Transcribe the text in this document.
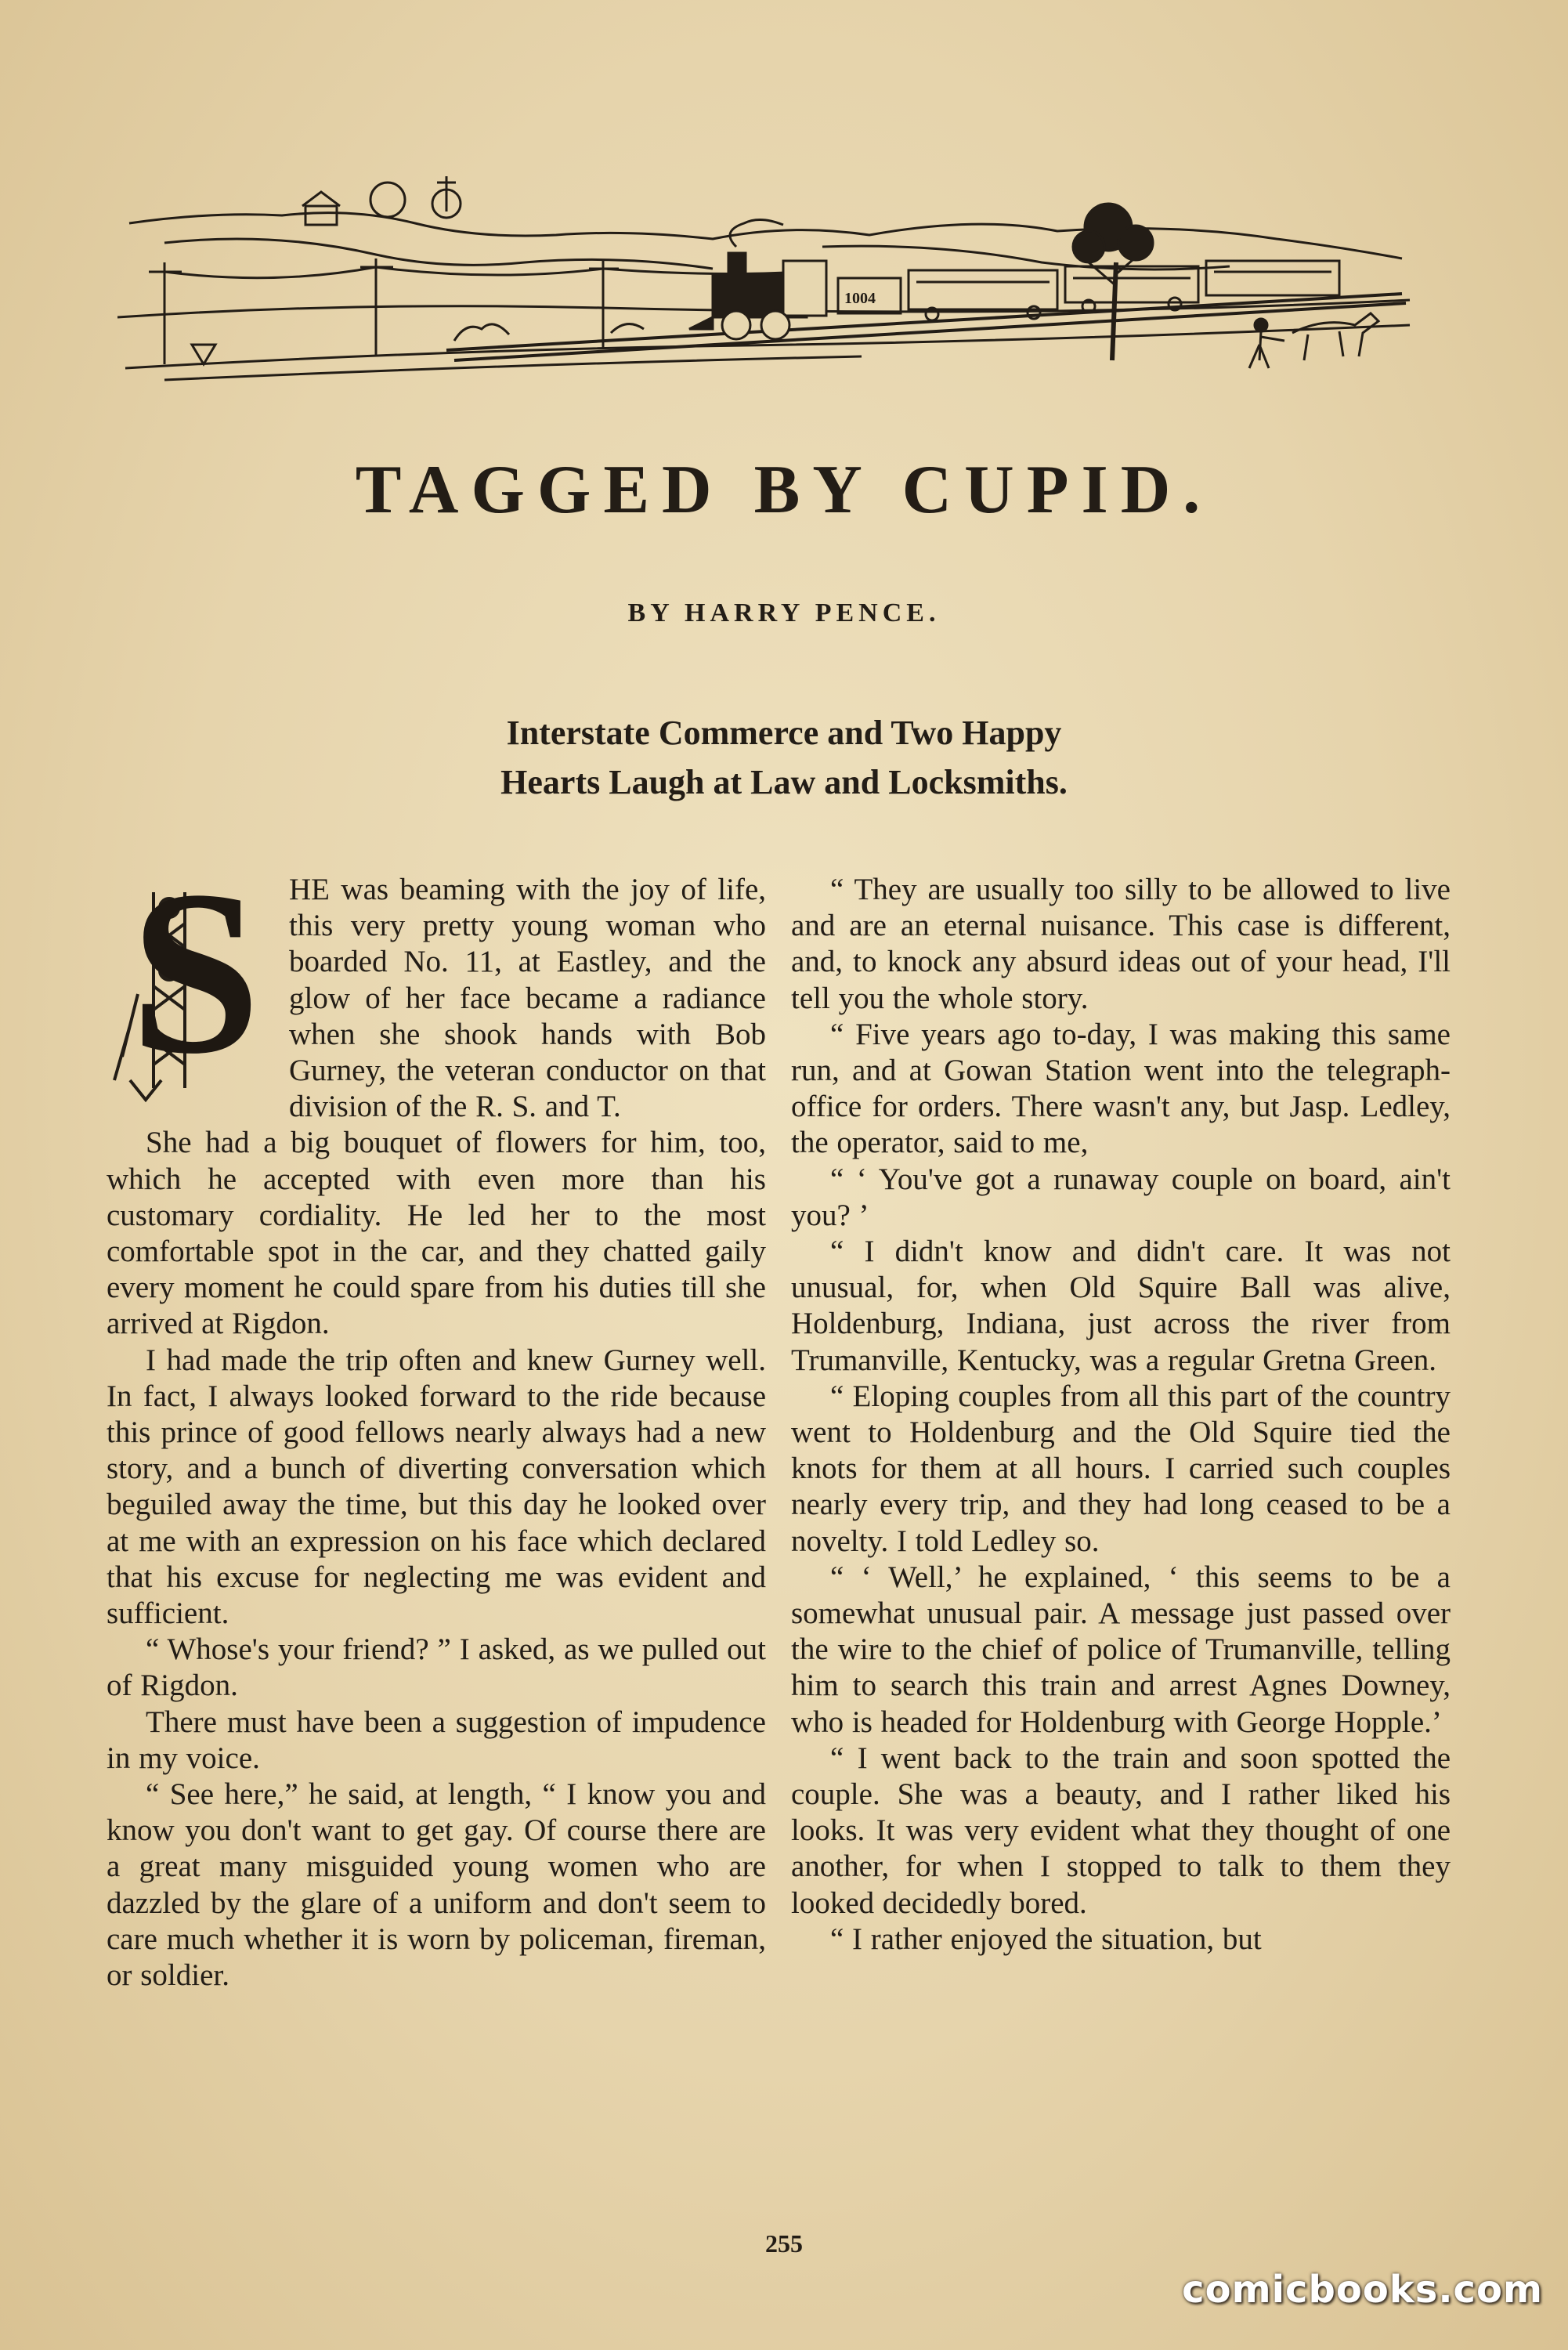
1004
TAGGED BY CUPID.
BY HARRY PENCE.
Interstate Commerce and Two Happy
Hearts Laugh at Law and Locksmiths.
S HE was beaming with the joy of life, this very pretty young woman who boarded No. 11, at Eastley, and the glow of her face became a radiance when she shook hands with Bob Gurney, the veteran conductor on that division of the R. S. and T.

She had a big bouquet of flowers for him, too, which he accepted with even more than his customary cordiality. He led her to the most comfortable spot in the car, and they chatted gaily every moment he could spare from his duties till she arrived at Rigdon.

I had made the trip often and knew Gurney well. In fact, I always looked forward to the ride because this prince of good fellows nearly always had a new story, and a bunch of diverting conversation which beguiled away the time, but this day he looked over at me with an expression on his face which declared that his excuse for neglecting me was evident and sufficient.

“ Whose's your friend? ” I asked, as we pulled out of Rigdon.

There must have been a suggestion of impudence in my voice.

“ See here,” he said, at length, “ I know you and know you don't want to get gay. Of course there are a great many misguided young women who are dazzled by the glare of a uniform and don't seem to care much whether it is worn by policeman, fireman, or soldier.

“ They are usually too silly to be allowed to live and are an eternal nuisance. This case is different, and, to knock any absurd ideas out of your head, I'll tell you the whole story.

“ Five years ago to-day, I was making this same run, and at Gowan Station went into the telegraph-office for orders. There wasn't any, but Jasp. Ledley, the operator, said to me,

“ ‘ You've got a runaway couple on board, ain't you? ’

“ I didn't know and didn't care. It was not unusual, for, when Old Squire Ball was alive, Holdenburg, Indiana, just across the river from Trumanville, Kentucky, was a regular Gretna Green.

“ Eloping couples from all this part of the country went to Holdenburg and the Old Squire tied the knots for them at all hours. I carried such couples nearly every trip, and they had long ceased to be a novelty. I told Ledley so.

“ ‘ Well,’ he explained, ‘ this seems to be a somewhat unusual pair. A message just passed over the wire to the chief of police of Trumanville, telling him to search this train and arrest Agnes Downey, who is headed for Holdenburg with George Hopple.’

“ I went back to the train and soon spotted the couple. She was a beauty, and I rather liked his looks. It was very evident what they thought of one another, for when I stopped to talk to them they looked decidedly bored.

“ I rather enjoyed the situation, but

255
comicbooks.com
